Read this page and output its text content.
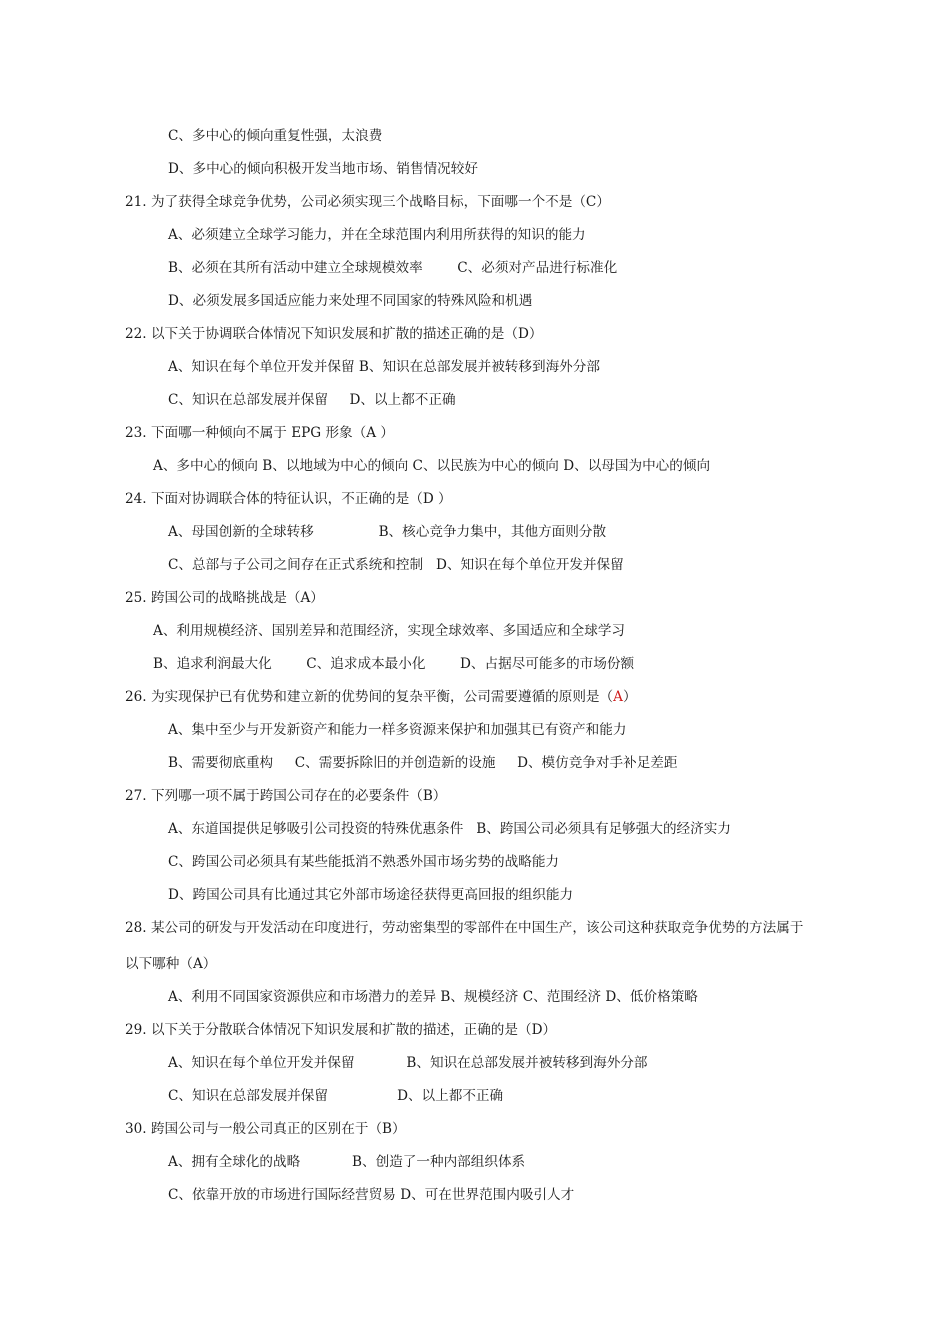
C、多中心的倾向重复性强，太浪费
D、多中心的倾向积极开发当地市场、销售情况较好
21. 为了获得全球竞争优势，公司必须实现三个战略目标，下面哪一个不是（C）
A、必须建立全球学习能力，并在全球范围内利用所获得的知识的能力
B、必须在其所有活动中建立全球规模效率        C、必须对产品进行标准化
D、必须发展多国适应能力来处理不同国家的特殊风险和机遇
22. 以下关于协调联合体情况下知识发展和扩散的描述正确的是（D）
A、知识在每个单位开发并保留 B、知识在总部发展并被转移到海外分部
C、知识在总部发展并保留     D、以上都不正确
23. 下面哪一种倾向不属于 EPG 形象（A ）
A、多中心的倾向 B、以地域为中心的倾向 C、以民族为中心的倾向 D、以母国为中心的倾向
24. 下面对协调联合体的特征认识，不正确的是（D ）
A、母国创新的全球转移               B、核心竞争力集中，其他方面则分散
C、总部与子公司之间存在正式系统和控制   D、知识在每个单位开发并保留
25. 跨国公司的战略挑战是（A）
A、利用规模经济、国别差异和范围经济，实现全球效率、多国适应和全球学习
B、追求利润最大化        C、追求成本最小化        D、占据尽可能多的市场份额
26. 为实现保护已有优势和建立新的优势间的复杂平衡，公司需要遵循的原则是（A）
A、集中至少与开发新资产和能力一样多资源来保护和加强其已有资产和能力
B、需要彻底重构     C、需要拆除旧的并创造新的设施     D、模仿竞争对手补足差距
27. 下列哪一项不属于跨国公司存在的必要条件（B）
A、东道国提供足够吸引公司投资的特殊优惠条件   B、跨国公司必须具有足够强大的经济实力
C、跨国公司必须具有某些能抵消不熟悉外国市场劣势的战略能力
D、跨国公司具有比通过其它外部市场途径获得更高回报的组织能力
28. 某公司的研发与开发活动在印度进行，劳动密集型的零部件在中国生产，该公司这种获取竞争优势的方法属于
以下哪种（A）
A、利用不同国家资源供应和市场潜力的差异 B、规模经济 C、范围经济 D、低价格策略
29. 以下关于分散联合体情况下知识发展和扩散的描述，正确的是（D）
A、知识在每个单位开发并保留            B、知识在总部发展并被转移到海外分部
C、知识在总部发展并保留                D、以上都不正确
30. 跨国公司与一般公司真正的区别在于（B）
A、拥有全球化的战略            B、创造了一种内部组织体系
C、依靠开放的市场进行国际经营贸易 D、可在世界范围内吸引人才
